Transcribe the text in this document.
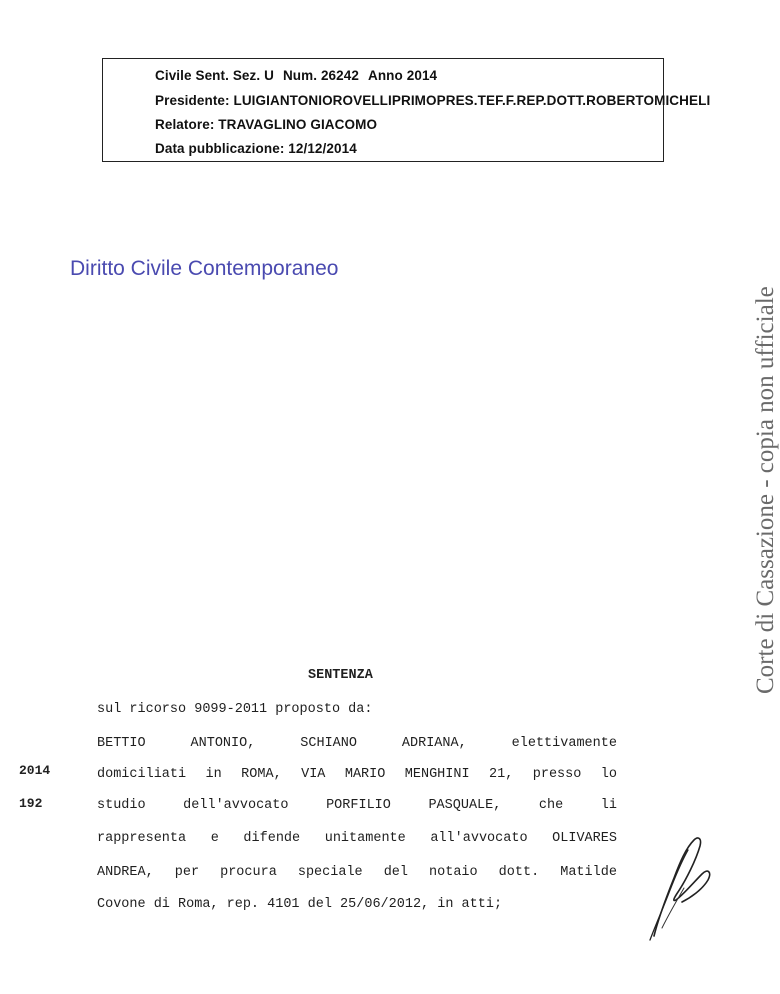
Civile Sent. Sez. U Num. 26242 Anno 2014
Presidente: LUIGIANTONIOROVELLIPRIMOPRES.TEF.F.REP.DOTT.ROBERTOMICHELI
Relatore: TRAVAGLINO GIACOMO
Data pubblicazione: 12/12/2014
Diritto Civile Contemporaneo
Corte di Cassazione - copia non ufficiale
SENTENZA
sul ricorso 9099-2011 proposto da:
BETTIO	ANTONIO,	SCHIANO	ADRIANA,	elettivamente
domiciliati in ROMA, VIA MARIO MENGHINI 21, presso lo
studio	dell'avvocato	PORFILIO	PASQUALE,	che	li
rappresenta e difende unitamente all'avvocato OLIVARES
ANDREA, per procura speciale del notaio dott. Matilde
Covone di Roma, rep. 4101 del 25/06/2012, in atti;
2014
192
